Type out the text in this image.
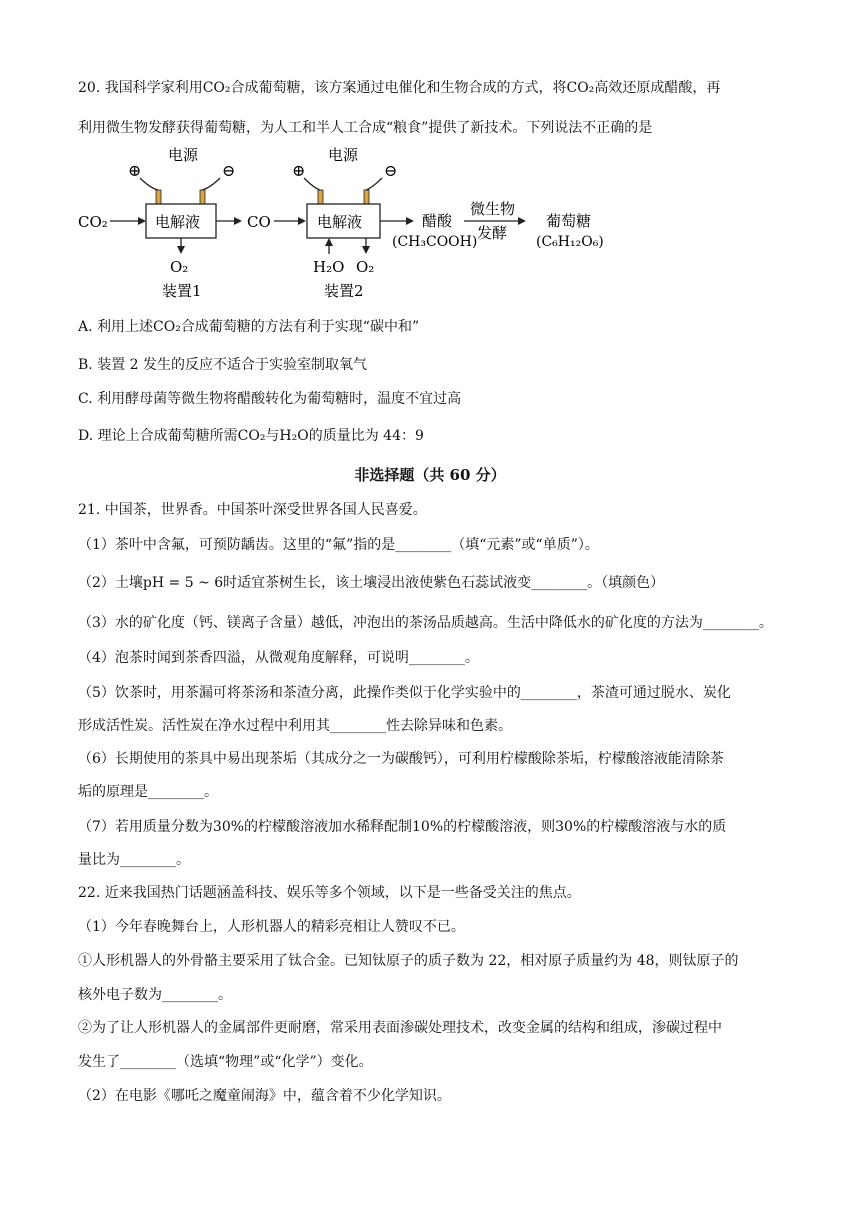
20. 我国科学家利用CO₂合成葡萄糖，该方案通过电催化和生物合成的方式，将CO₂高效还原成醋酸，再
利用微生物发酵获得葡萄糖，为人工和半人工合成“粮食”提供了新技术。下列说法不正确的是
电源
⊕	⊖
电解液
CO₂
O₂
装置1
CO
电源
⊕	⊖
电解液
H₂O O₂
装置2
醋酸
(CH₃COOH)
微生物
发酵
葡萄糖
(C₆H₁₂O₆)
A. 利用上述CO₂合成葡萄糖的方法有利于实现“碳中和”
B. 装置 2 发生的反应不适合于实验室制取氧气
C. 利用酵母菌等微生物将醋酸转化为葡萄糖时，温度不宜过高
D. 理论上合成葡萄糖所需CO₂与H₂O的质量比为 44：9
非选择题（共 60 分）
21. 中国茶，世界香。中国茶叶深受世界各国人民喜爱。
（1）茶叶中含氟，可预防龋齿。这里的“氟”指的是________（填“元素”或“单质”）。
（2）土壤pH = 5 ~ 6时适宜茶树生长，该土壤浸出液使紫色石蕊试液变________。（填颜色）
（3）水的矿化度（钙、镁离子含量）越低，冲泡出的茶汤品质越高。生活中降低水的矿化度的方法为________。
（4）泡茶时闻到茶香四溢，从微观角度解释，可说明________。
（5）饮茶时，用茶漏可将茶汤和茶渣分离，此操作类似于化学实验中的________，茶渣可通过脱水、炭化
形成活性炭。活性炭在净水过程中利用其________性去除异味和色素。
（6）长期使用的茶具中易出现茶垢（其成分之一为碳酸钙），可利用柠檬酸除茶垢，柠檬酸溶液能清除茶
垢的原理是________。
（7）若用质量分数为30%的柠檬酸溶液加水稀释配制10%的柠檬酸溶液，则30%的柠檬酸溶液与水的质
量比为________。
22. 近来我国热门话题涵盖科技、娱乐等多个领域，以下是一些备受关注的焦点。
（1）今年春晚舞台上，人形机器人的精彩亮相让人赞叹不已。
①人形机器人的外骨骼主要采用了钛合金。已知钛原子的质子数为 22，相对原子质量约为 48，则钛原子的
核外电子数为________。
②为了让人形机器人的金属部件更耐磨，常采用表面渗碳处理技术，改变金属的结构和组成，渗碳过程中
发生了________（选填“物理”或“化学”）变化。
（2）在电影《哪吒之魔童闹海》中，蕴含着不少化学知识。
